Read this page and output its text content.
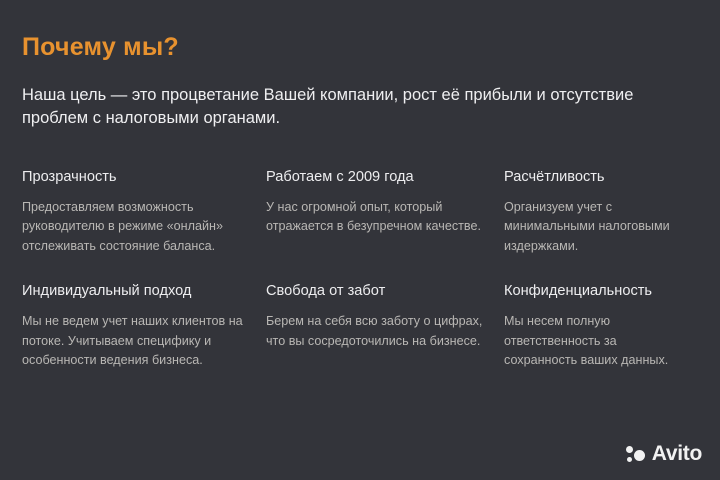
Почему мы?

Наша цель — это процветание Вашей компании, рост её прибыли и отсутствие проблем с налоговыми органами.

Прозрачность

Предоставляем возможность руководителю в режиме «онлайн» отслеживать состояние баланса.

Работаем с 2009 года

У нас огромной опыт, который отражается в безупречном качестве.

Расчётливость

Организуем учет с минимальными налоговыми издержками.

Индивидуальный подход

Мы не ведем учет наших клиентов на потоке. Учитываем специфику и особенности ведения бизнеса.

Свобода от забот

Берем на себя всю заботу о цифрах, что вы сосредоточились на бизнесе.

Конфиденциальность

Мы несем полную ответственность за сохранность ваших данных.

Avito
